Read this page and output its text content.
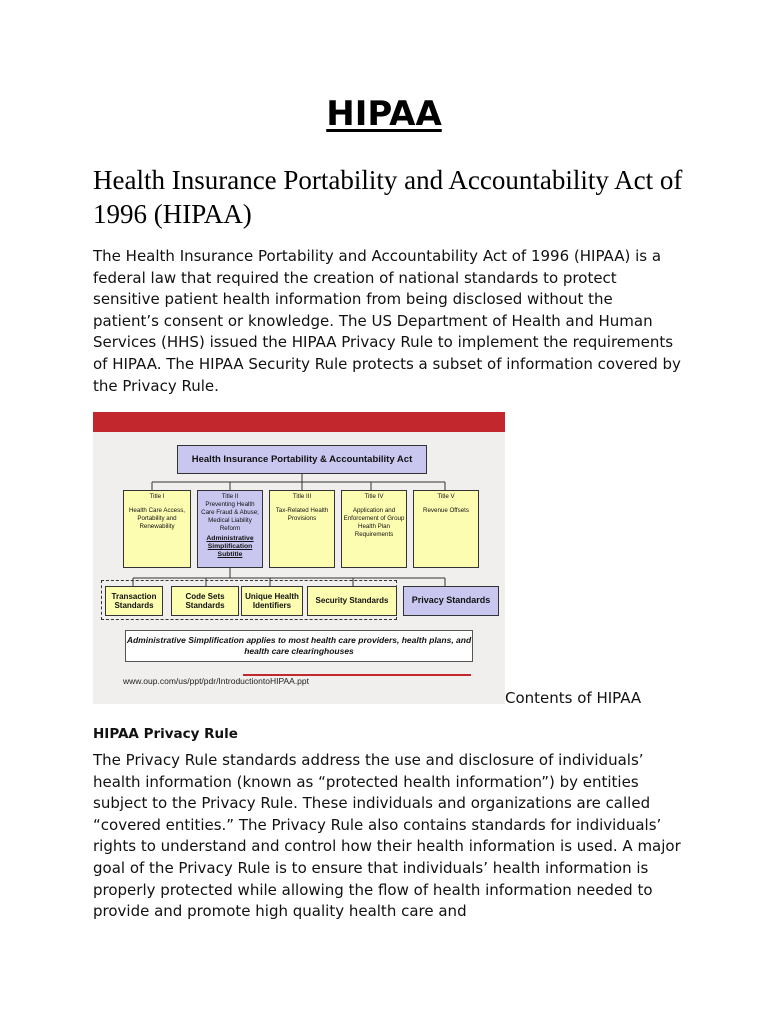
HIPAA
Health Insurance Portability and Accountability Act of 1996 (HIPAA)

The Health Insurance Portability and Accountability Act of 1996 (HIPAA) is a federal law that required the creation of national standards to protect sensitive patient health information from being disclosed without the patient’s consent or knowledge. The US Department of Health and Human Services (HHS) issued the HIPAA Privacy Rule to implement the requirements of HIPAA. The HIPAA Security Rule protects a subset of information covered by the Privacy Rule.

Health Insurance Portability & Accountability Act
Title I
Health Care Access, Portability and Renewability
Title II
Preventing Health Care Fraud & Abuse; Medical Liability Reform
Administrative Simplification Subtitle
Title III
Tax-Related Health Provisions
Title IV
Application and Enforcement of Group Health Plan Requirements
Title V
Revenue Offsets
Transaction Standards
Code Sets Standards
Unique Health Identifiers
Security Standards	Privacy Standards
Administrative Simplification applies to most health care providers, health plans, and health care clearinghouses
www.oup.com/us/ppt/pdr/IntroductiontoHIPAA.ppt
Contents of HIPAA
HIPAA Privacy Rule

The Privacy Rule standards address the use and disclosure of individuals’ health information (known as “protected health information”) by entities subject to the Privacy Rule. These individuals and organizations are called “covered entities.” The Privacy Rule also contains standards for individuals’ rights to understand and control how their health information is used. A major goal of the Privacy Rule is to ensure that individuals’ health information is properly protected while allowing the flow of health information needed to provide and promote high quality health care and
